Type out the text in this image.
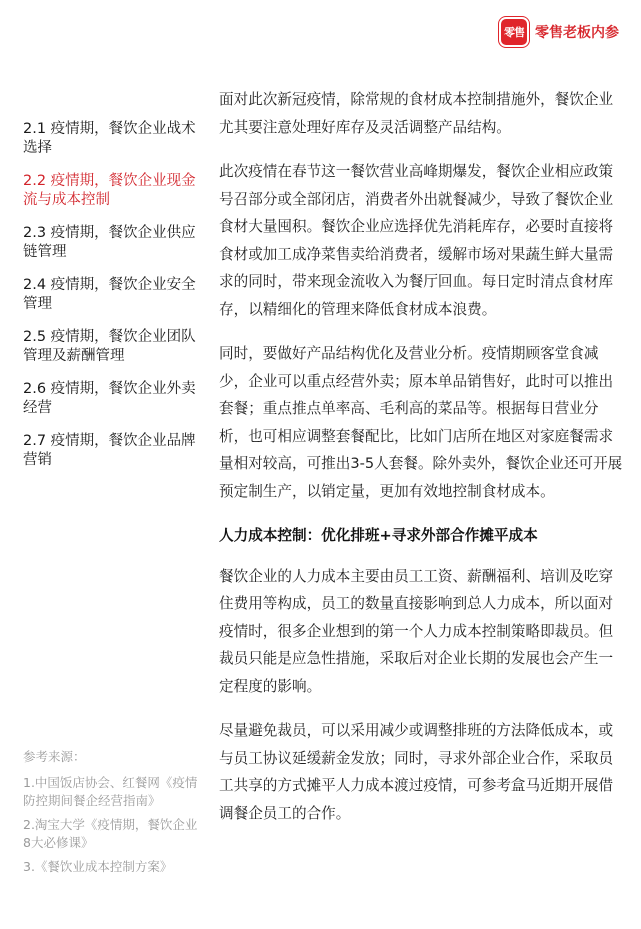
零售 零售老板内参
2.1 疫情期，餐饮企业战术选择
2.2 疫情期，餐饮企业现金流与成本控制
2.3 疫情期，餐饮企业供应链管理
2.4 疫情期，餐饮企业安全管理
2.5 疫情期，餐饮企业团队管理及薪酬管理
2.6 疫情期，餐饮企业外卖经营
2.7 疫情期，餐饮企业品牌营销
参考来源：
1.中国饭店协会、红餐网《疫情防控期间餐企经营指南》
2.淘宝大学《疫情期，餐饮企业8大必修课》
3.《餐饮业成本控制方案》

面对此次新冠疫情，除常规的食材成本控制措施外，餐饮企业尤其要注意处理好库存及灵活调整产品结构。

此次疫情在春节这一餐饮营业高峰期爆发，餐饮企业相应政策号召部分或全部闭店，消费者外出就餐减少，导致了餐饮企业食材大量囤积。餐饮企业应选择优先消耗库存，必要时直接将食材或加工成净菜售卖给消费者，缓解市场对果蔬生鲜大量需求的同时，带来现金流收入为餐厅回血。每日定时清点食材库存，以精细化的管理来降低食材成本浪费。

同时，要做好产品结构优化及营业分析。疫情期顾客堂食减少，企业可以重点经营外卖；原本单品销售好，此时可以推出套餐；重点推点单率高、毛利高的菜品等。根据每日营业分析，也可相应调整套餐配比，比如门店所在地区对家庭餐需求量相对较高，可推出3-5人套餐。除外卖外，餐饮企业还可开展预定制生产，以销定量，更加有效地控制食材成本。

人力成本控制：优化排班+寻求外部合作摊平成本

餐饮企业的人力成本主要由员工工资、薪酬福利、培训及吃穿住费用等构成，员工的数量直接影响到总人力成本，所以面对疫情时，很多企业想到的第一个人力成本控制策略即裁员。但裁员只能是应急性措施，采取后对企业长期的发展也会产生一定程度的影响。

尽量避免裁员，可以采用减少或调整排班的方法降低成本，或与员工协议延缓薪金发放；同时，寻求外部企业合作，采取员工共享的方式摊平人力成本渡过疫情，可参考盒马近期开展借调餐企员工的合作。
